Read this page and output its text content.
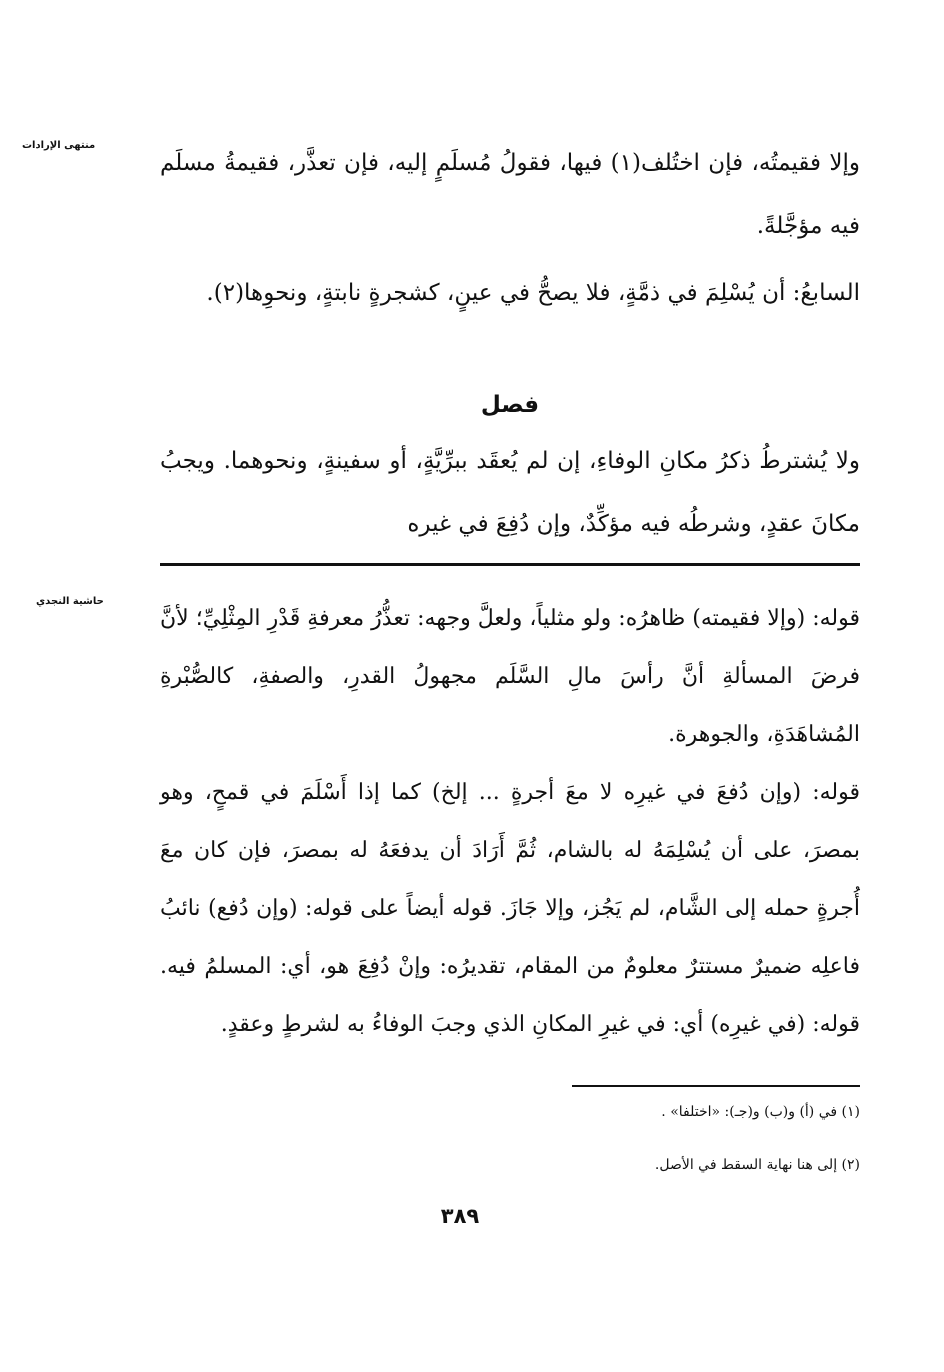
منتهى الإرادات
حاشية النجدي

وإلا فقيمتُه، فإن اختُلف(١) فيها، فقولُ مُسلَمٍ إليه، فإن تعذَّر، فقيمةُ مسلَم فيه مؤجَّلةً.

السابعُ: أن يُسْلِمَ في ذمَّةٍ، فلا يصحُّ في عينٍ، كشجرةٍ نابتةٍ، ونحوِها(٢).

فصل

ولا يُشترطُ ذكرُ مكانِ الوفاءِ، إن لم يُعقَد ببرِّيَّةٍ، أو سفينةٍ، ونحوهما. ويجبُ مكانَ عقدٍ، وشرطُه فيه مؤكِّدٌ، وإن دُفِعَ في غيره

قوله: (وإلا فقيمته) ظاهرُه: ولو مثلياً، ولعلَّ وجهه: تعذُّرُ معرفةِ قَدْرِ المِثْلِيِّ؛ لأنَّ فرضَ المسألةِ أنَّ رأسَ مالِ السَّلَم مجهولُ القدرِ، والصفةِ، كالصُّبْرةِ المُشاهَدَةِ، والجوهرة.

قوله: (وإن دُفعَ في غيرِه لا معَ أجرةٍ ... إلخ) كما إذا أَسْلَمَ في قمحٍ، وهو بمصرَ، على أن يُسْلِمَهُ له بالشام، ثُمَّ أَرَادَ أن يدفعَهُ له بمصرَ، فإن كان معَ أُجرةٍ حمله إلى الشَّام، لم يَجُز، وإلا جَازَ. قوله أيضاً على قوله: (وإن دُفع) نائبُ فاعلِه ضميرٌ مستترٌ معلومٌ من المقام، تقديرُه: وإنْ دُفِعَ هو، أي: المسلمُ فيه. قوله: (في غيرِه) أي: في غيرِ المكانِ الذي وجبَ الوفاءُ به لشرطٍ وعقدٍ.

(١) في (أ) و(ب) و(جـ): «اختلفا» .
(٢) إلى هنا نهاية السقط في الأصل.
٣٨٩
